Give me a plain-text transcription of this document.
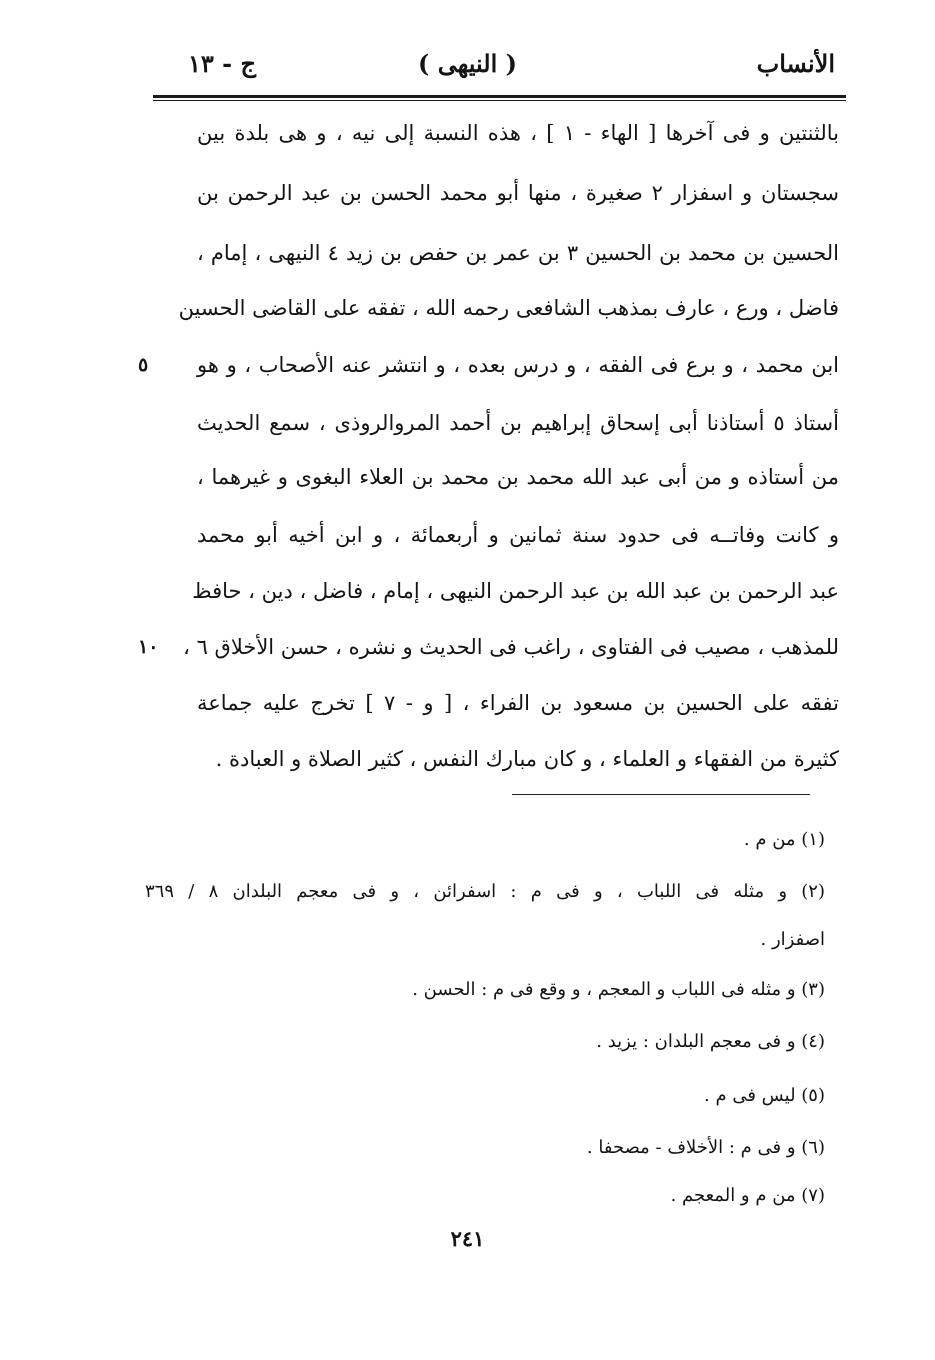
الأنساب
( النيهى )
ج - ١٣
بالثنتين و فى آخرها [ الهاء - ١ ] ، هذه النسبة إلى نيه ، و هى بلدة بين
سجستان و اسفزار ٢ صغيرة ، منها أبو محمد الحسن بن عبد الرحمن بن
الحسين بن محمد بن الحسين ٣ بن عمر بن حفص بن زيد ٤ النيهى ، إمام ،
فاضل ، ورع ، عارف بمذهب الشافعى رحمه الله ، تفقه على القاضى الحسين
ابن محمد ، و برع فى الفقه ، و درس بعده ، و انتشر عنه الأصحاب ، و هو
٥
أستاذ ٥ أستاذنا أبى إسحاق إبراهيم بن أحمد المروالروذى ، سمع الحديث
من أستاذه و من أبى عبد الله محمد بن محمد بن العلاء البغوى و غيرهما ،
و كانت وفاتــه فى حدود سنة ثمانين و أربعمائة ، و ابن أخيه أبو محمد
عبد الرحمن بن عبد الله بن عبد الرحمن النيهى ، إمام ، فاضل ، دين ، حافظ
للمذهب ، مصيب فى الفتاوى ، راغب فى الحديث و نشره ، حسن الأخلاق ٦ ،
١٠
تفقه على الحسين بن مسعود بن الفراء ، [ و - ٧ ] تخرج عليه جماعة
كثيرة من الفقهاء و العلماء ، و كان مبارك النفس ، كثير الصلاة و العبادة .
(١) من م .
(٢) و مثله فى اللباب ، و فى م : اسفرائن ، و فى معجم البلدان ٨ / ٣٦٩
اصفزار .
(٣) و مثله فى اللباب و المعجم ، و وقع فى م : الحسن .
(٤) و فى معجم البلدان : يزيد .
(٥) ليس فى م .
(٦) و فى م : الأخلاف - مصحفا .
(٧) من م و المعجم .
٢٤١
